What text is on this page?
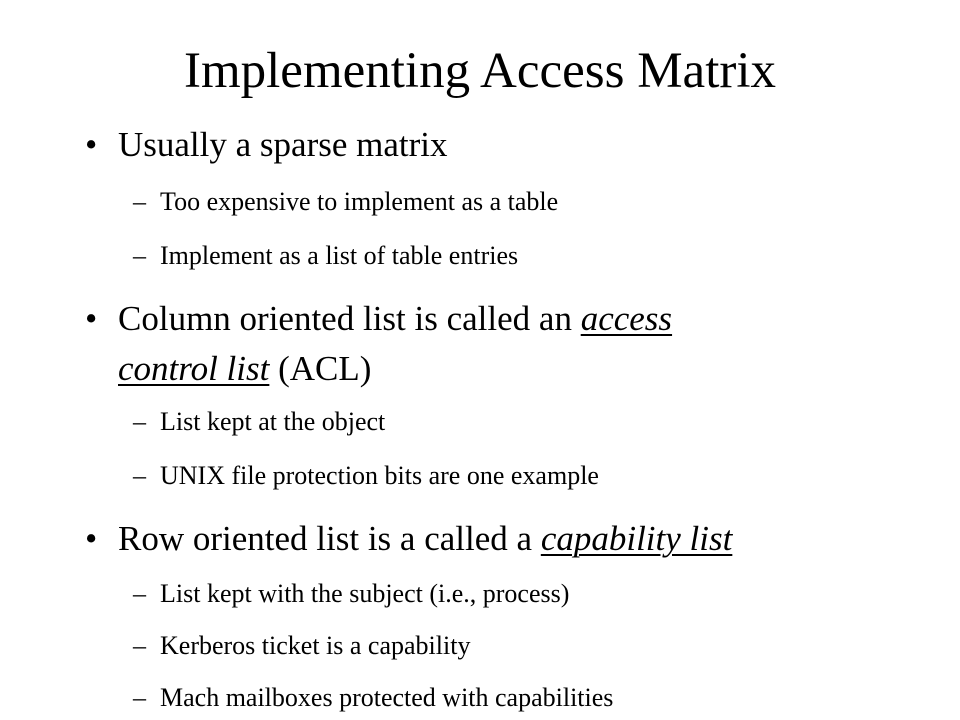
Implementing Access Matrix
• Usually a sparse matrix
– Too expensive to implement as a table
– Implement as a list of table entries
• Column oriented list is called an access
control list (ACL)
– List kept at the object
– UNIX file protection bits are one example
• Row oriented list is a called a capability list
– List kept with the subject (i.e., process)
– Kerberos ticket is a capability
– Mach mailboxes protected with capabilities
